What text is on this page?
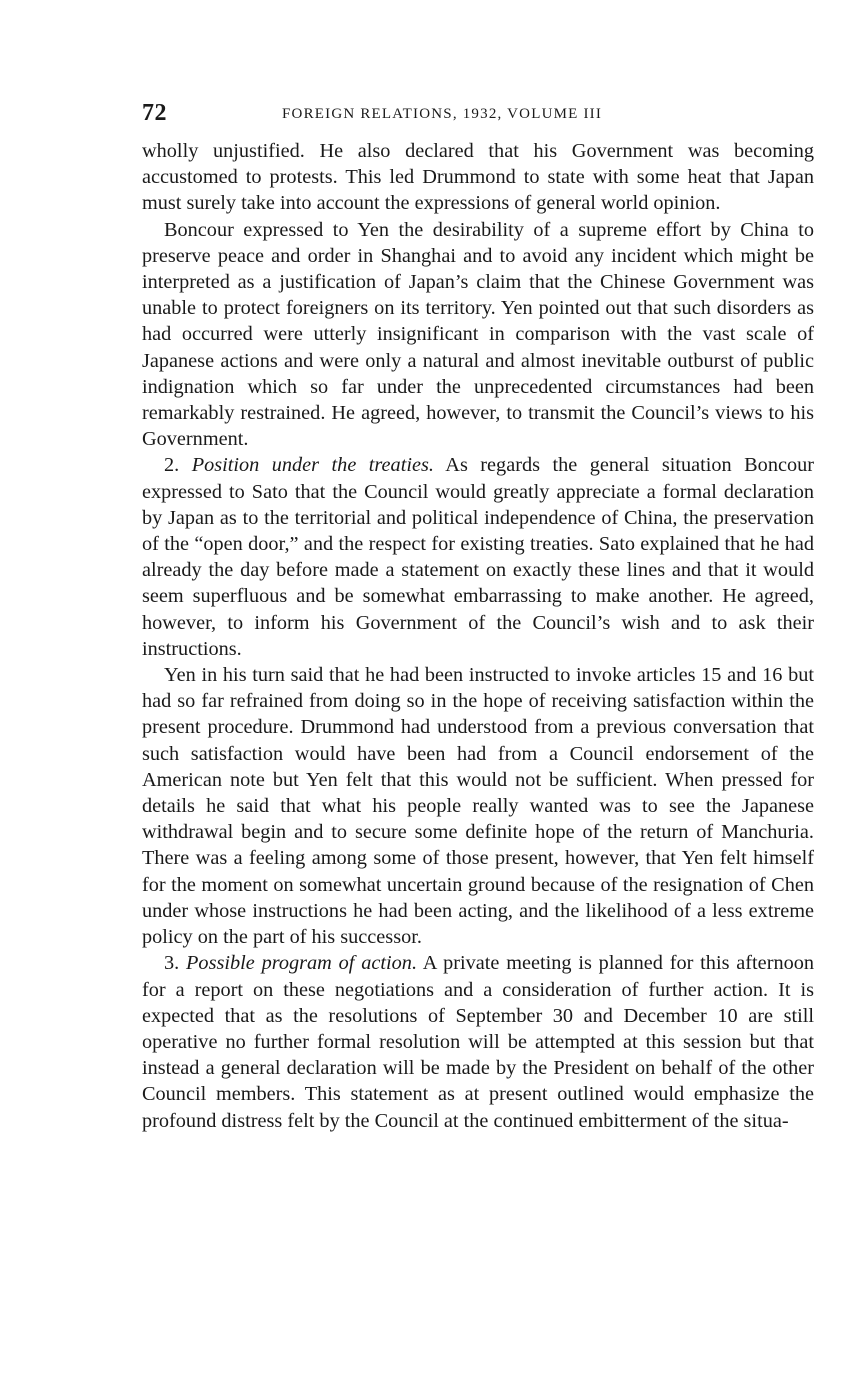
72	FOREIGN RELATIONS, 1932, VOLUME III

wholly unjustified. He also declared that his Government was becoming accustomed to protests. This led Drummond to state with some heat that Japan must surely take into account the expressions of general world opinion.

Boncour expressed to Yen the desirability of a supreme effort by China to preserve peace and order in Shanghai and to avoid any incident which might be interpreted as a justification of Japan’s claim that the Chinese Government was unable to protect foreigners on its territory. Yen pointed out that such disorders as had occurred were utterly insignificant in comparison with the vast scale of Japanese actions and were only a natural and almost inevitable outburst of public indignation which so far under the unprecedented circumstances had been remarkably restrained. He agreed, however, to transmit the Council’s views to his Government.

2. Position under the treaties. As regards the general situation Boncour expressed to Sato that the Council would greatly appreciate a formal declaration by Japan as to the territorial and political independence of China, the preservation of the “open door,” and the respect for existing treaties. Sato explained that he had already the day before made a statement on exactly these lines and that it would seem superfluous and be somewhat embarrassing to make another. He agreed, however, to inform his Government of the Council’s wish and to ask their instructions.

Yen in his turn said that he had been instructed to invoke articles 15 and 16 but had so far refrained from doing so in the hope of receiving satisfaction within the present procedure. Drummond had understood from a previous conversation that such satisfaction would have been had from a Council endorsement of the American note but Yen felt that this would not be sufficient. When pressed for details he said that what his people really wanted was to see the Japanese withdrawal begin and to secure some definite hope of the return of Manchuria. There was a feeling among some of those present, however, that Yen felt himself for the moment on somewhat uncertain ground because of the resignation of Chen under whose instructions he had been acting, and the likelihood of a less extreme policy on the part of his successor.

3. Possible program of action. A private meeting is planned for this afternoon for a report on these negotiations and a consideration of further action. It is expected that as the resolutions of September 30 and December 10 are still operative no further formal resolution will be attempted at this session but that instead a general declaration will be made by the President on behalf of the other Council members. This statement as at present outlined would emphasize the profound distress felt by the Council at the continued embitterment of the situa-
